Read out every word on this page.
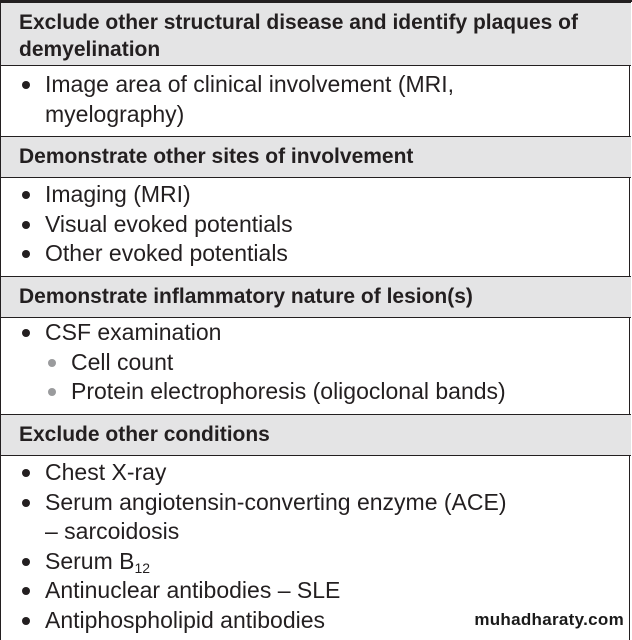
Exclude other structural disease and identify plaques of demyelination
Image area of clinical involvement (MRI, myelography)
Demonstrate other sites of involvement
Imaging (MRI)
Visual evoked potentials
Other evoked potentials
Demonstrate inflammatory nature of lesion(s)
CSF examination
Cell count
Protein electrophoresis (oligoclonal bands)
Exclude other conditions
Chest X-ray
Serum angiotensin-converting enzyme (ACE) – sarcoidosis
Serum $B_{12}$
Antinuclear antibodies – SLE
Antiphospholipid antibodies	muhadharaty.com
